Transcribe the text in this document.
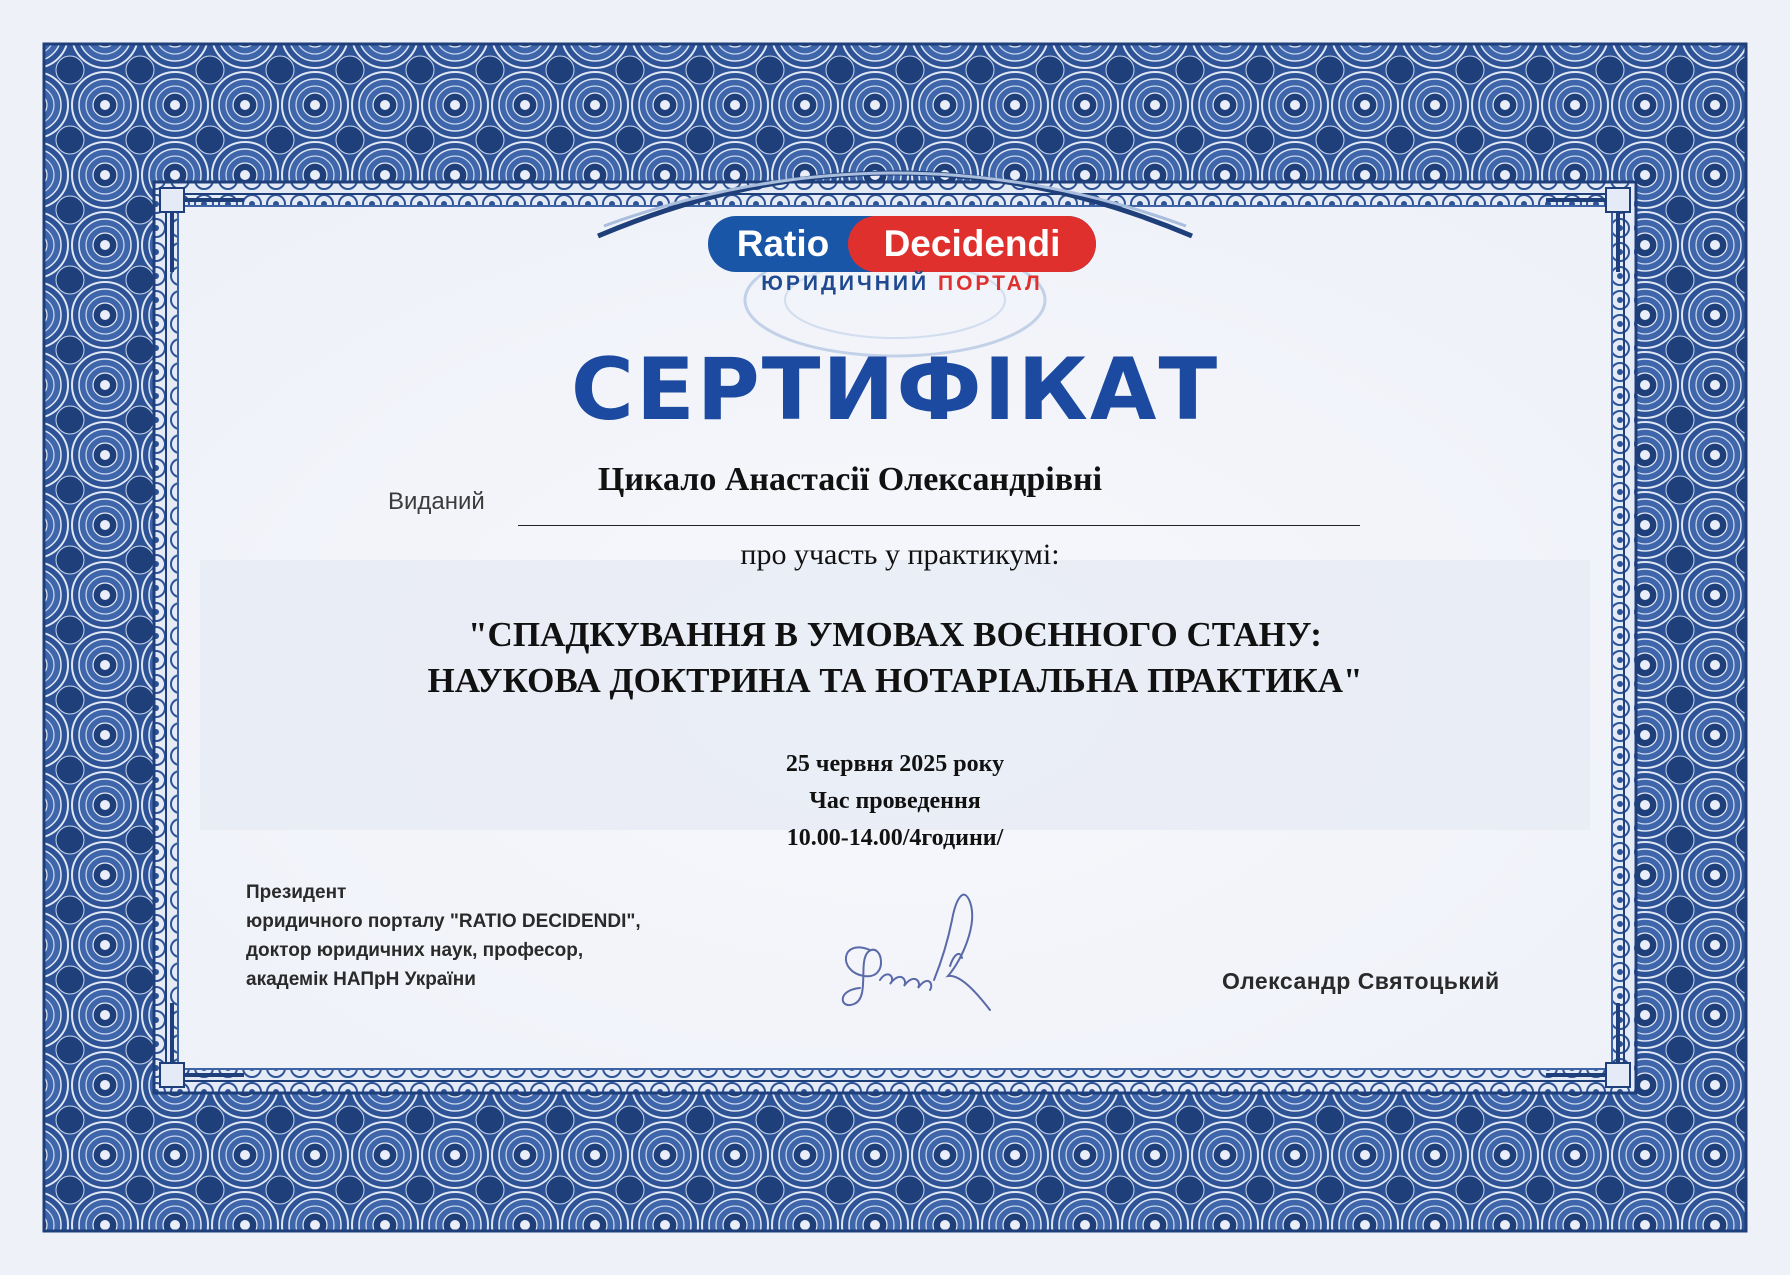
Ratio	Decidendi
ЮРИДИЧНИЙ ПОРТАЛ
СЕРТИФІКАТ
Виданий
Цикало Анастасії Олександрівні
про участь у практикумі:
"СПАДКУВАННЯ В УМОВАХ ВОЄННОГО СТАНУ:
НАУКОВА ДОКТРИНА ТА НОТАРІАЛЬНА ПРАКТИКА"
25 червня 2025 року
Час проведення
10.00-14.00/4години/
Президент
юридичного порталу "RATIO DECIDENDI",
доктор юридичних наук, професор,
академік НАПрН України	Олександр Святоцький
